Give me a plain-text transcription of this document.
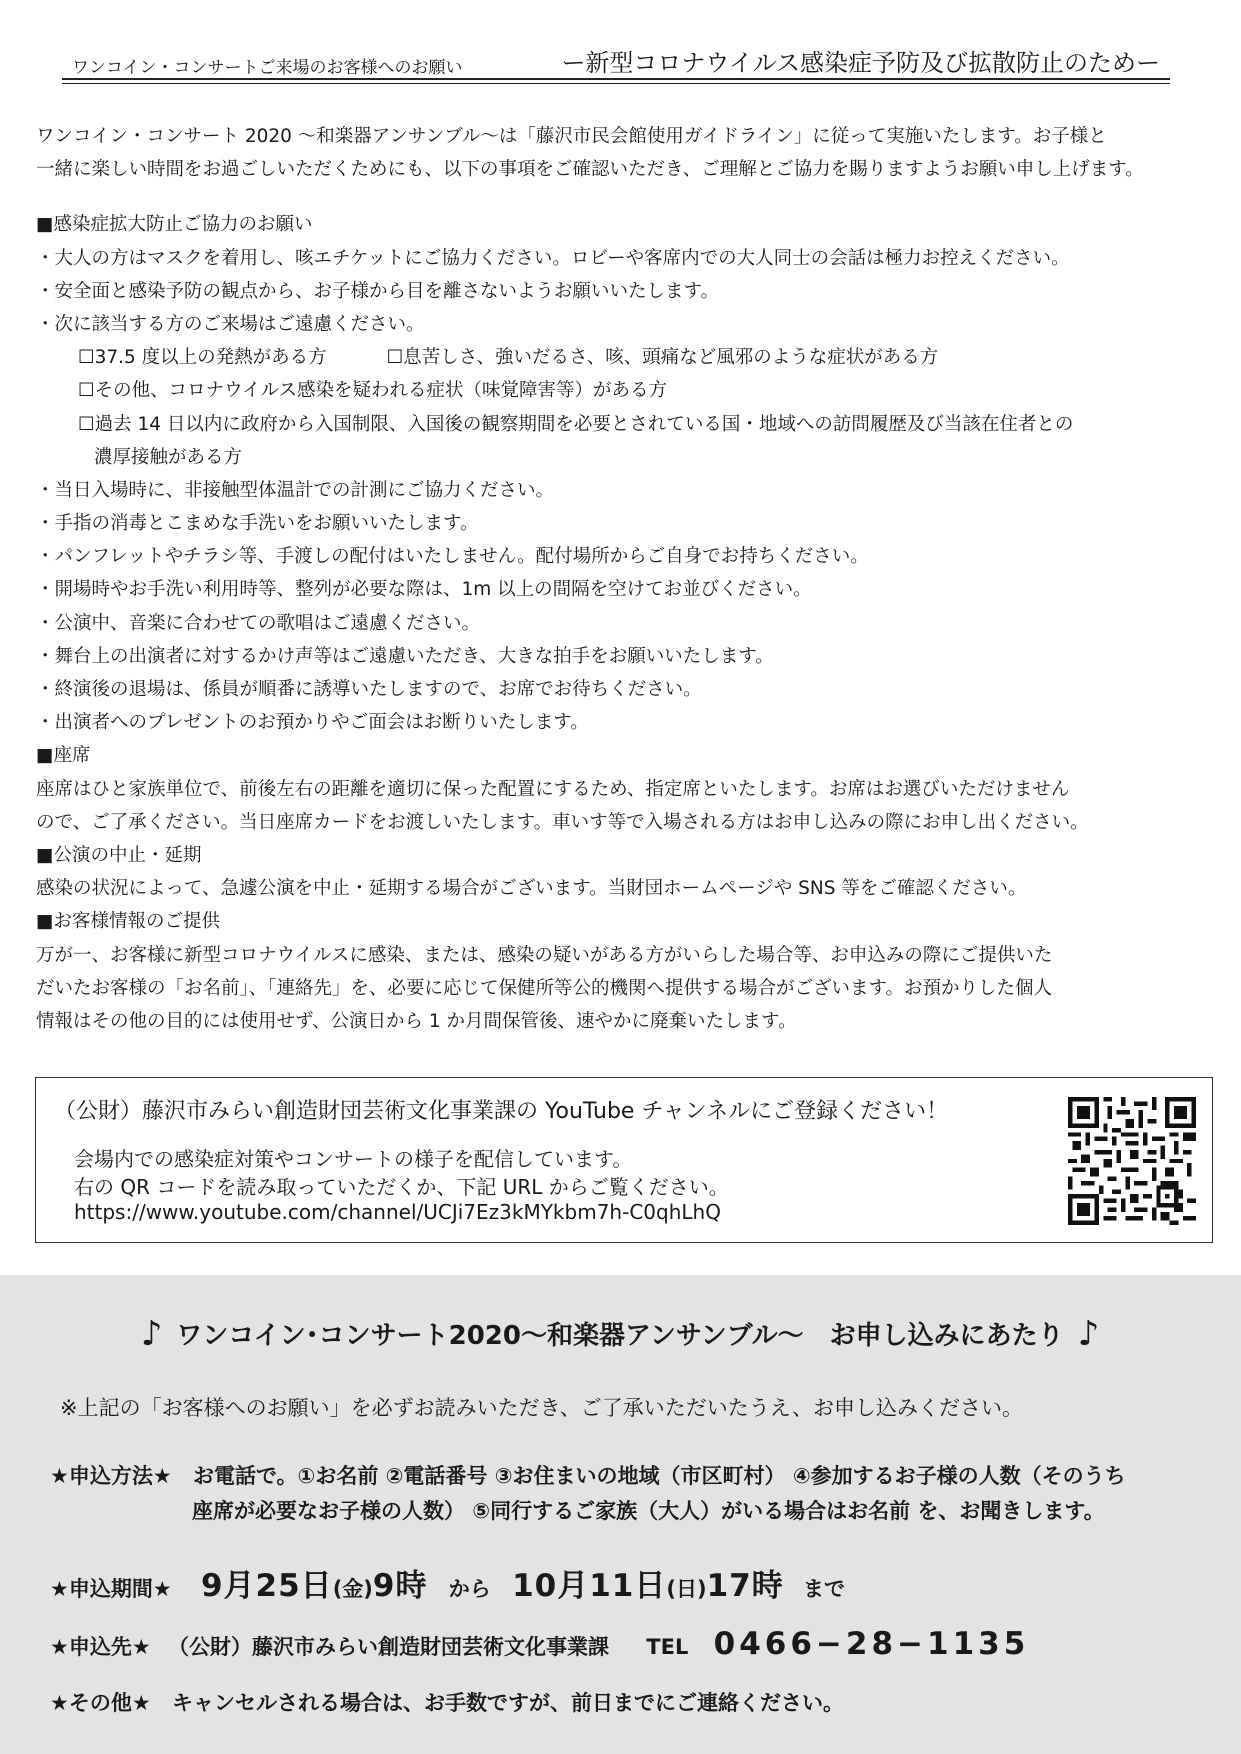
ワンコイン・コンサートご来場のお客様へのお願い	ー新型コロナウイルス感染症予防及び拡散防止のためー
ワンコイン・コンサート 2020 〜和楽器アンサンブル〜は「藤沢市民会館使用ガイドライン」に従って実施いたします。お子様と
一緒に楽しい時間をお過ごしいただくためにも、以下の事項をご確認いただき、ご理解とご協力を賜りますようお願い申し上げます。
■感染症拡大防止ご協力のお願い
・大人の方はマスクを着用し、咳エチケットにご協力ください。ロビーや客席内での大人同士の会話は極力お控えください。
・安全面と感染予防の観点から、お子様から目を離さないようお願いいたします。
・次に該当する方のご来場はご遠慮ください。
☐37.5 度以上の発熱がある方	☐息苦しさ、強いだるさ、咳、頭痛など風邪のような症状がある方
☐その他、コロナウイルス感染を疑われる症状（味覚障害等）がある方
☐過去 14 日以内に政府から入国制限、入国後の観察期間を必要とされている国・地域への訪問履歴及び当該在住者との
濃厚接触がある方
・当日入場時に、非接触型体温計での計測にご協力ください。
・手指の消毒とこまめな手洗いをお願いいたします。
・パンフレットやチラシ等、手渡しの配付はいたしません。配付場所からご自身でお持ちください。
・開場時やお手洗い利用時等、整列が必要な際は、1m 以上の間隔を空けてお並びください。
・公演中、音楽に合わせての歌唱はご遠慮ください。
・舞台上の出演者に対するかけ声等はご遠慮いただき、大きな拍手をお願いいたします。
・終演後の退場は、係員が順番に誘導いたしますので、お席でお待ちください。
・出演者へのプレゼントのお預かりやご面会はお断りいたします。
■座席
座席はひと家族単位で、前後左右の距離を適切に保った配置にするため、指定席といたします。お席はお選びいただけません
ので、ご了承ください。当日座席カードをお渡しいたします。車いす等で入場される方はお申し込みの際にお申し出ください。
■公演の中止・延期
感染の状況によって、急遽公演を中止・延期する場合がございます。当財団ホームページや SNS 等をご確認ください。
■お客様情報のご提供
万が一、お客様に新型コロナウイルスに感染、または、感染の疑いがある方がいらした場合等、お申込みの際にご提供いた
だいたお客様の「お名前」、「連絡先」を、必要に応じて保健所等公的機関へ提供する場合がございます。お預かりした個人
情報はその他の目的には使用せず、公演日から 1 か月間保管後、速やかに廃棄いたします。
（公財）藤沢市みらい創造財団芸術文化事業課の YouTube チャンネルにご登録ください！
会場内での感染症対策やコンサートの様子を配信しています。
右の QR コードを読み取っていただくか、下記 URL からご覧ください。
https://www.youtube.com/channel/UCJi7Ez3kMYkbm7h-C0qhLhQ
♪ ワンコイン･コンサート2020〜和楽器アンサンブル〜　お申し込みにあたり ♪
※上記の「お客様へのお願い」を必ずお読みいただき、ご了承いただいたうえ、お申し込みください。
★申込方法★ お電話で。①お名前 ②電話番号 ③お住まいの地域（市区町村） ④参加するお子様の人数（そのうち
座席が必要なお子様の人数） ⑤同行するご家族（大人）がいる場合はお名前 を、お聞きします。
★申込期間★ 9月25日(金)9時 から 10月11日(日)17時 まで
★申込先★ （公財）藤沢市みらい創造財団芸術文化事業課 TEL 0466−28−1135
★その他★ キャンセルされる場合は、お手数ですが、前日までにご連絡ください。
